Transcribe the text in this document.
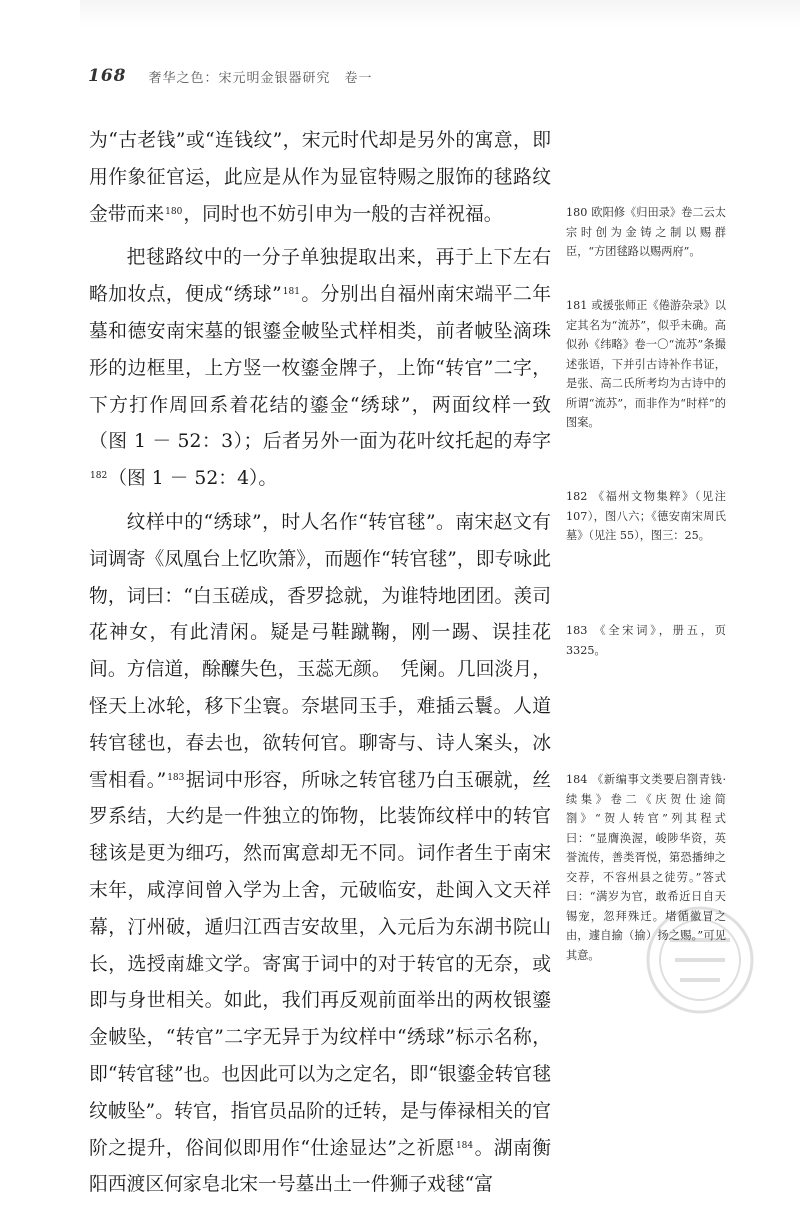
168 奢华之色：宋元明金银器研究　卷一

为“古老钱”或“连钱纹”，宋元时代却是另外的寓意，即用作象征官运，此应是从作为显宦特赐之服饰的毬路纹金带而来$^{180}$，同时也不妨引申为一般的吉祥祝福。

把毬路纹中的一分子单独提取出来，再于上下左右略加妆点，便成“绣球”$^{181}$。分别出自福州南宋端平二年墓和德安南宋墓的银鎏金帔坠式样相类，前者帔坠滴珠形的边框里，上方竖一枚鎏金牌子，上饰“转官”二字，下方打作周回系着花结的鎏金“绣球”，两面纹样一致（图 1 － 52：3）；后者另外一面为花叶纹托起的寿字$^{182}$（图 1 － 52：4）。

纹样中的“绣球”，时人名作“转官毬”。南宋赵文有词调寄《凤凰台上忆吹箫》，而题作“转官毬”，即专咏此物，词曰：“白玉磋成，香罗捻就，为谁特地团团。羡司花神女，有此清闲。疑是弓鞋蹴鞠，刚一踢、误挂花间。方信道，酴醾失色，玉蕊无颜。　凭阑。几回淡月，怪天上冰轮，移下尘寰。奈堪同玉手，难插云鬟。人道转官毬也，春去也，欲转何官。聊寄与、诗人案头，冰雪相看。”$^{183}$据词中形容，所咏之转官毬乃白玉碾就，丝罗系结，大约是一件独立的饰物，比装饰纹样中的转官毬该是更为细巧，然而寓意却无不同。词作者生于南宋末年，咸淳间曾入学为上舍，元破临安，赴闽入文天祥幕，汀州破，遁归江西吉安故里，入元后为东湖书院山长，选授南雄文学。寄寓于词中的对于转官的无奈，或即与身世相关。如此，我们再反观前面举出的两枚银鎏金帔坠，“转官”二字无异于为纹样中“绣球”标示名称，即“转官毬”也。也因此可以为之定名，即“银鎏金转官毬纹帔坠”。转官，指官员品阶的迁转，是与俸禄相关的官阶之提升，俗间似即用作“仕途显达”之祈愿$^{184}$。湖南衡阳西渡区何家皂北宋一号墓出土一件狮子戏毬“富

180 欧阳修《归田录》卷二云太宗时创为金铸之制以赐群臣，“方团毬路以赐两府”。
181 或援张师正《倦游杂录》以定其名为“流苏”，似乎未确。高似孙《纬略》卷一〇“流苏”条撮述张语，下并引古诗补作书证，是张、高二氏所考均为古诗中的所谓“流苏”，而非作为“时样”的图案。
182 《福州文物集粹》（见注 107），图八六；《德安南宋周氏墓》（见注 55），图三：25。
183 《全宋词》，册五，页 3325。
184 《新编事文类要启劄青钱·续集》卷二《庆贺仕途简劄》“贺人转官”列其程式曰：“显膺涣渥，峻陟华资，英誉流传，善类胥悦，第恐播绅之交荐，不容州县之徒劳。”答式曰：“满岁为官，敢希近日自天锡宠，忽拜殊迁。堵循徽冒之由，遽自揄（揄）扬之赐。”可见其意。
